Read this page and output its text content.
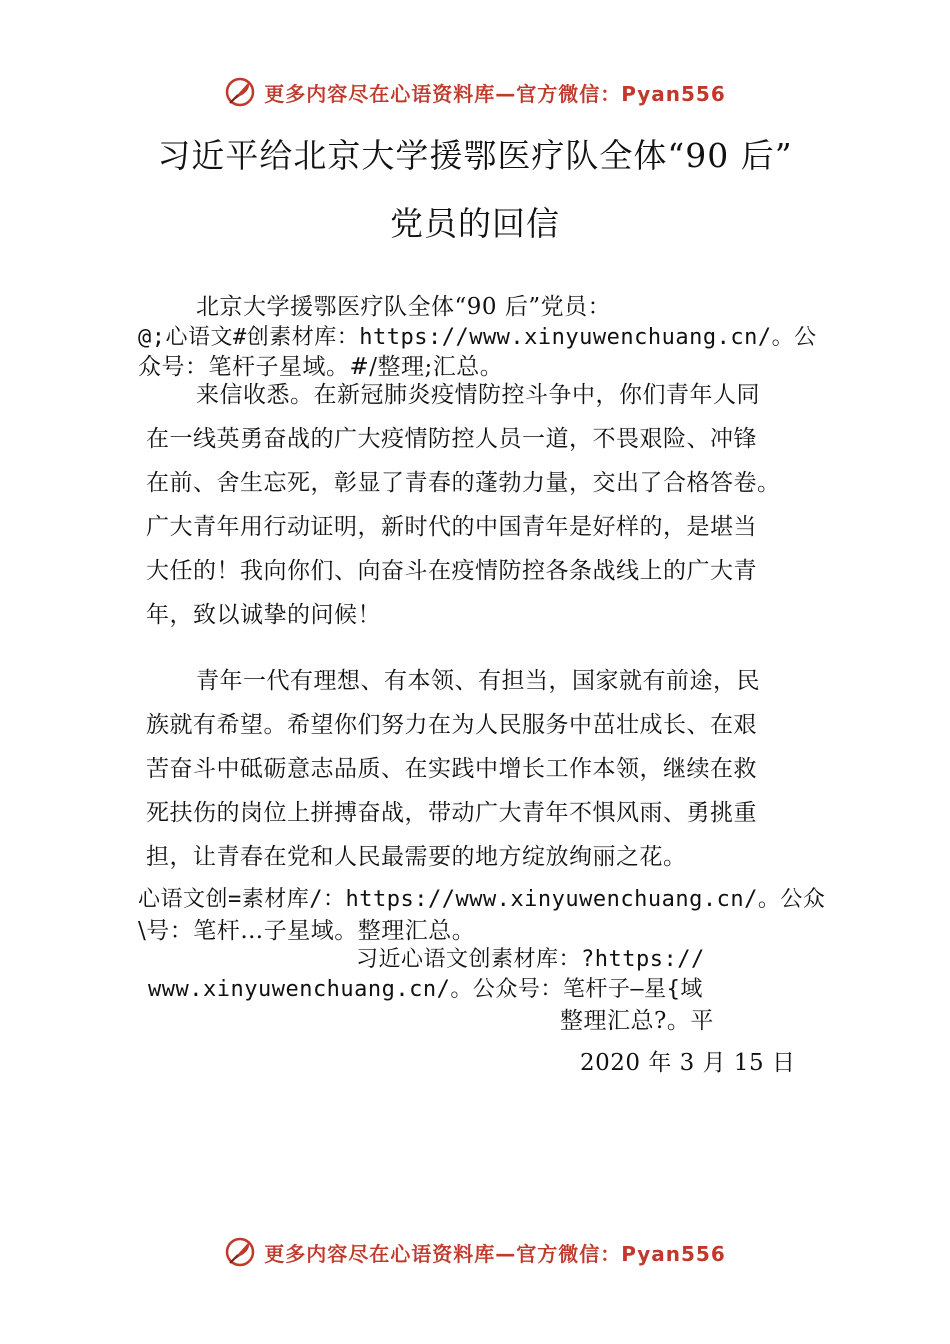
更多内容尽在心语资料库—官方微信：Pyan556
习近平给北京大学援鄂医疗队全体“90 后”
党员的回信
北京大学援鄂医疗队全体“90 后”党员：
@;心语文#创素材库：https://www.xinyuwenchuang.cn/。公
众号：笔杆子星域。#/整理;汇总。
来信收悉。在新冠肺炎疫情防控斗争中，你们青年人同
在一线英勇奋战的广大疫情防控人员一道，不畏艰险、冲锋
在前、舍生忘死，彰显了青春的蓬勃力量，交出了合格答卷。
广大青年用行动证明，新时代的中国青年是好样的，是堪当
大任的！我向你们、向奋斗在疫情防控各条战线上的广大青
年，致以诚挚的问候！
青年一代有理想、有本领、有担当，国家就有前途，民
族就有希望。希望你们努力在为人民服务中茁壮成长、在艰
苦奋斗中砥砺意志品质、在实践中增长工作本领，继续在救
死扶伤的岗位上拼搏奋战，带动广大青年不惧风雨、勇挑重
担，让青春在党和人民最需要的地方绽放绚丽之花。
心语文创=素材库/：https://www.xinyuwenchuang.cn/。公众
\号：笔杆…子星域。整理汇总。
习近心语文创素材库：?https://
www.xinyuwenchuang.cn/。公众号：笔杆子—星{域
整理汇总?。平
2020 年 3 月 15 日
更多内容尽在心语资料库—官方微信：Pyan556
